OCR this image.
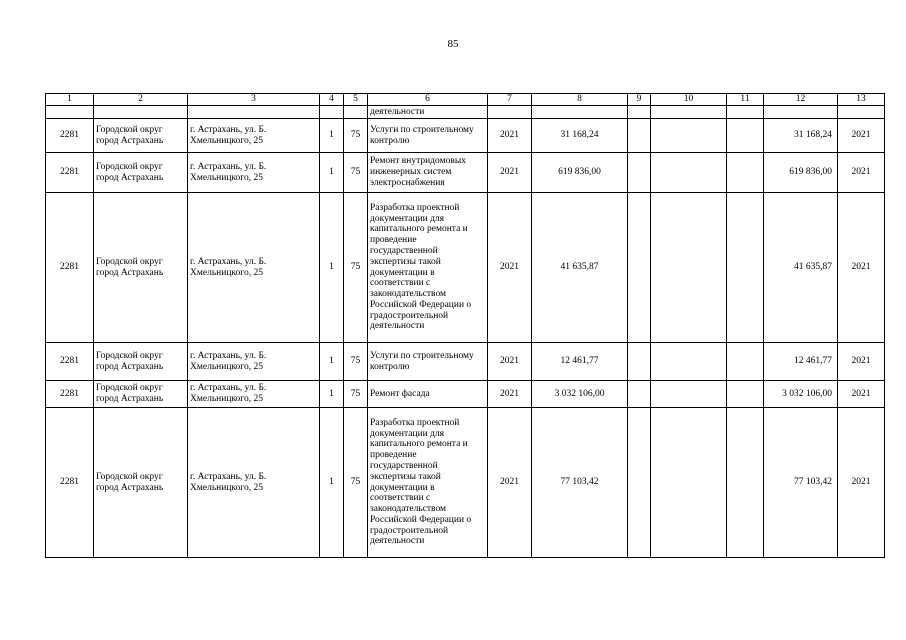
85
1	2	3	4	5	6	7	8	9	10	11	12	13
					деятельности							
2281	Городской округ город Астрахань	г. Астрахань, ул. Б. Хмельницкого, 25	1	75	Услуги по строительному контролю	2021	31 168,24				31 168,24	2021
2281	Городской округ город Астрахань	г. Астрахань, ул. Б. Хмельницкого, 25	1	75	Ремонт внутридомовых инженерных систем электроснабжения	2021	619 836,00				619 836,00	2021
2281	Городской округ город Астрахань	г. Астрахань, ул. Б. Хмельницкого, 25	1	75	Разработка проектной документации для капитального ремонта и проведение государственной экспертизы такой документации в соответствии с законодательством Российской Федерации о градостроительной деятельности	2021	41 635,87				41 635,87	2021
2281	Городской округ город Астрахань	г. Астрахань, ул. Б. Хмельницкого, 25	1	75	Услуги по строительному контролю	2021	12 461,77				12 461,77	2021
2281	Городской округ город Астрахань	г. Астрахань, ул. Б. Хмельницкого, 25	1	75	Ремонт фасада	2021	3 032 106,00				3 032 106,00	2021
2281	Городской округ город Астрахань	г. Астрахань, ул. Б. Хмельницкого, 25	1	75	Разработка проектной документации для капитального ремонта и проведение государственной экспертизы такой документации в соответствии с законодательством Российской Федерации о градостроительной деятельности	2021	77 103,42				77 103,42	2021
